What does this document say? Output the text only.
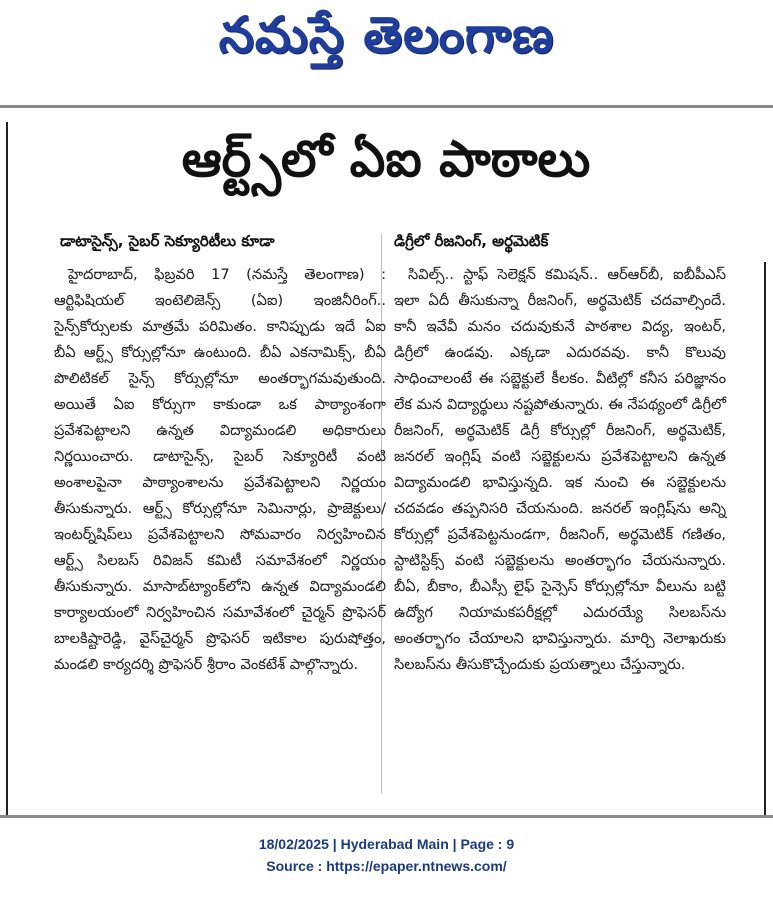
నమస్తే తెలంగాణ
ఆర్ట్స్‌లో ఏఐ పాఠాలు
డాటాసైన్స్, సైబర్ సెక్యూరిటీలు కూడా	డిగ్రీలో రీజనింగ్, అర్థమెటిక్

హైదరాబాద్, ఫిబ్రవరి 17 (నమస్తే తెలంగాణ) : ఆర్టిఫిషియల్ ఇంటెలిజెన్స్ (ఏఐ) ఇంజినీరింగ్.. సైన్స్‌కోర్సులకు మాత్రమే పరిమితం. కానిప్పుడు ఇదే ఏఐ బీఏ ఆర్ట్స్ కోర్సుల్లోనూ ఉంటుంది. బీఏ ఎకనామిక్స్, బీఏ పొలిటికల్ సైన్స్ కోర్సుల్లోనూ అంతర్భాగమవుతుంది. అయితే ఏఐ కోర్సుగా కాకుండా ఒక పాఠ్యాంశంగా ప్రవేశపెట్టాలని ఉన్నత విద్యామండలి అధికారులు నిర్ణయించారు. డాటాసైన్స్, సైబర్ సెక్యూరిటీ వంటి అంశాలపైనా పాఠ్యాంశాలను ప్రవేశపెట్టాలని నిర్ణయం తీసుకున్నారు. ఆర్ట్స్ కోర్సుల్లోనూ సెమినార్లు, ప్రాజెక్టులు/ ఇంటర్న్‌షిప్‌లు ప్రవేశపెట్టాలని సోమవారం నిర్వహించిన ఆర్ట్స్ సిలబస్ రివిజన్ కమిటీ సమావేశంలో నిర్ణయం తీసుకున్నారు. మాసాబ్‌ట్యాంక్‌లోని ఉన్నత విద్యామండలి కార్యాలయంలో నిర్వహించిన సమావేశంలో చైర్మన్ ప్రొఫెసర్ బాలకిష్టారెడ్డి, వైస్‌చైర్మన్ ప్రొఫెసర్ ఇటికాల పురుషోత్తం, మండలి కార్యదర్శి ప్రొఫెసర్ శ్రీరాం వెంకటేశ్ పాల్గొన్నారు.

సివిల్స్.. స్టాఫ్ సెలెక్షన్ కమిషన్.. ఆర్‌ఆర్‌బీ, ఐబీపీఎస్ ఇలా ఏదీ తీసుకున్నా రీజనింగ్, అర్థమెటిక్ చదవాల్సిందే. కానీ ఇవేవీ మనం చదువుకునే పాఠశాల విద్య, ఇంటర్, డిగ్రీలో ఉండవు. ఎక్కడా ఎదురవవు. కానీ కొలువు సాధించాలంటే ఈ సబ్జెక్టులే కీలకం. వీటిల్లో కనీస పరిజ్ఞానం లేక మన విద్యార్థులు నష్టపోతున్నారు. ఈ నేపథ్యంలో డిగ్రీలో రీజనింగ్, అర్థమెటిక్ డిగ్రీ కోర్సుల్లో రీజనింగ్, అర్థమెటిక్, జనరల్ ఇంగ్లిష్ వంటి సబ్జెక్టులను ప్రవేశపెట్టాలని ఉన్నత విద్యామండలి భావిస్తున్నది. ఇక నుంచి ఈ సబ్జెక్టులను చదవడం తప్పనిసరి చేయనుంది. జనరల్ ఇంగ్లిష్‌ను అన్ని కోర్సుల్లో ప్రవేశపెట్టనుండగా, రీజనింగ్, అర్థమెటిక్ గణితం, స్టాటిస్టిక్స్ వంటి సబ్జెక్టులను అంతర్భాగం చేయనున్నారు. బీఏ, బీకాం, బీఎస్సీ లైఫ్ సైన్సెస్ కోర్సుల్లోనూ వీలును బట్టి ఉద్యోగ నియామకపరీక్షల్లో ఎదురయ్యే సిలబస్‌ను అంతర్భాగం చేయాలని భావిస్తున్నారు. మార్చి నెలాఖరుకు సిలబస్‌ను తీసుకొచ్చేందుకు ప్రయత్నాలు చేస్తున్నారు.

18/02/2025 | Hyderabad Main | Page : 9
Source : https://epaper.ntnews.com/
